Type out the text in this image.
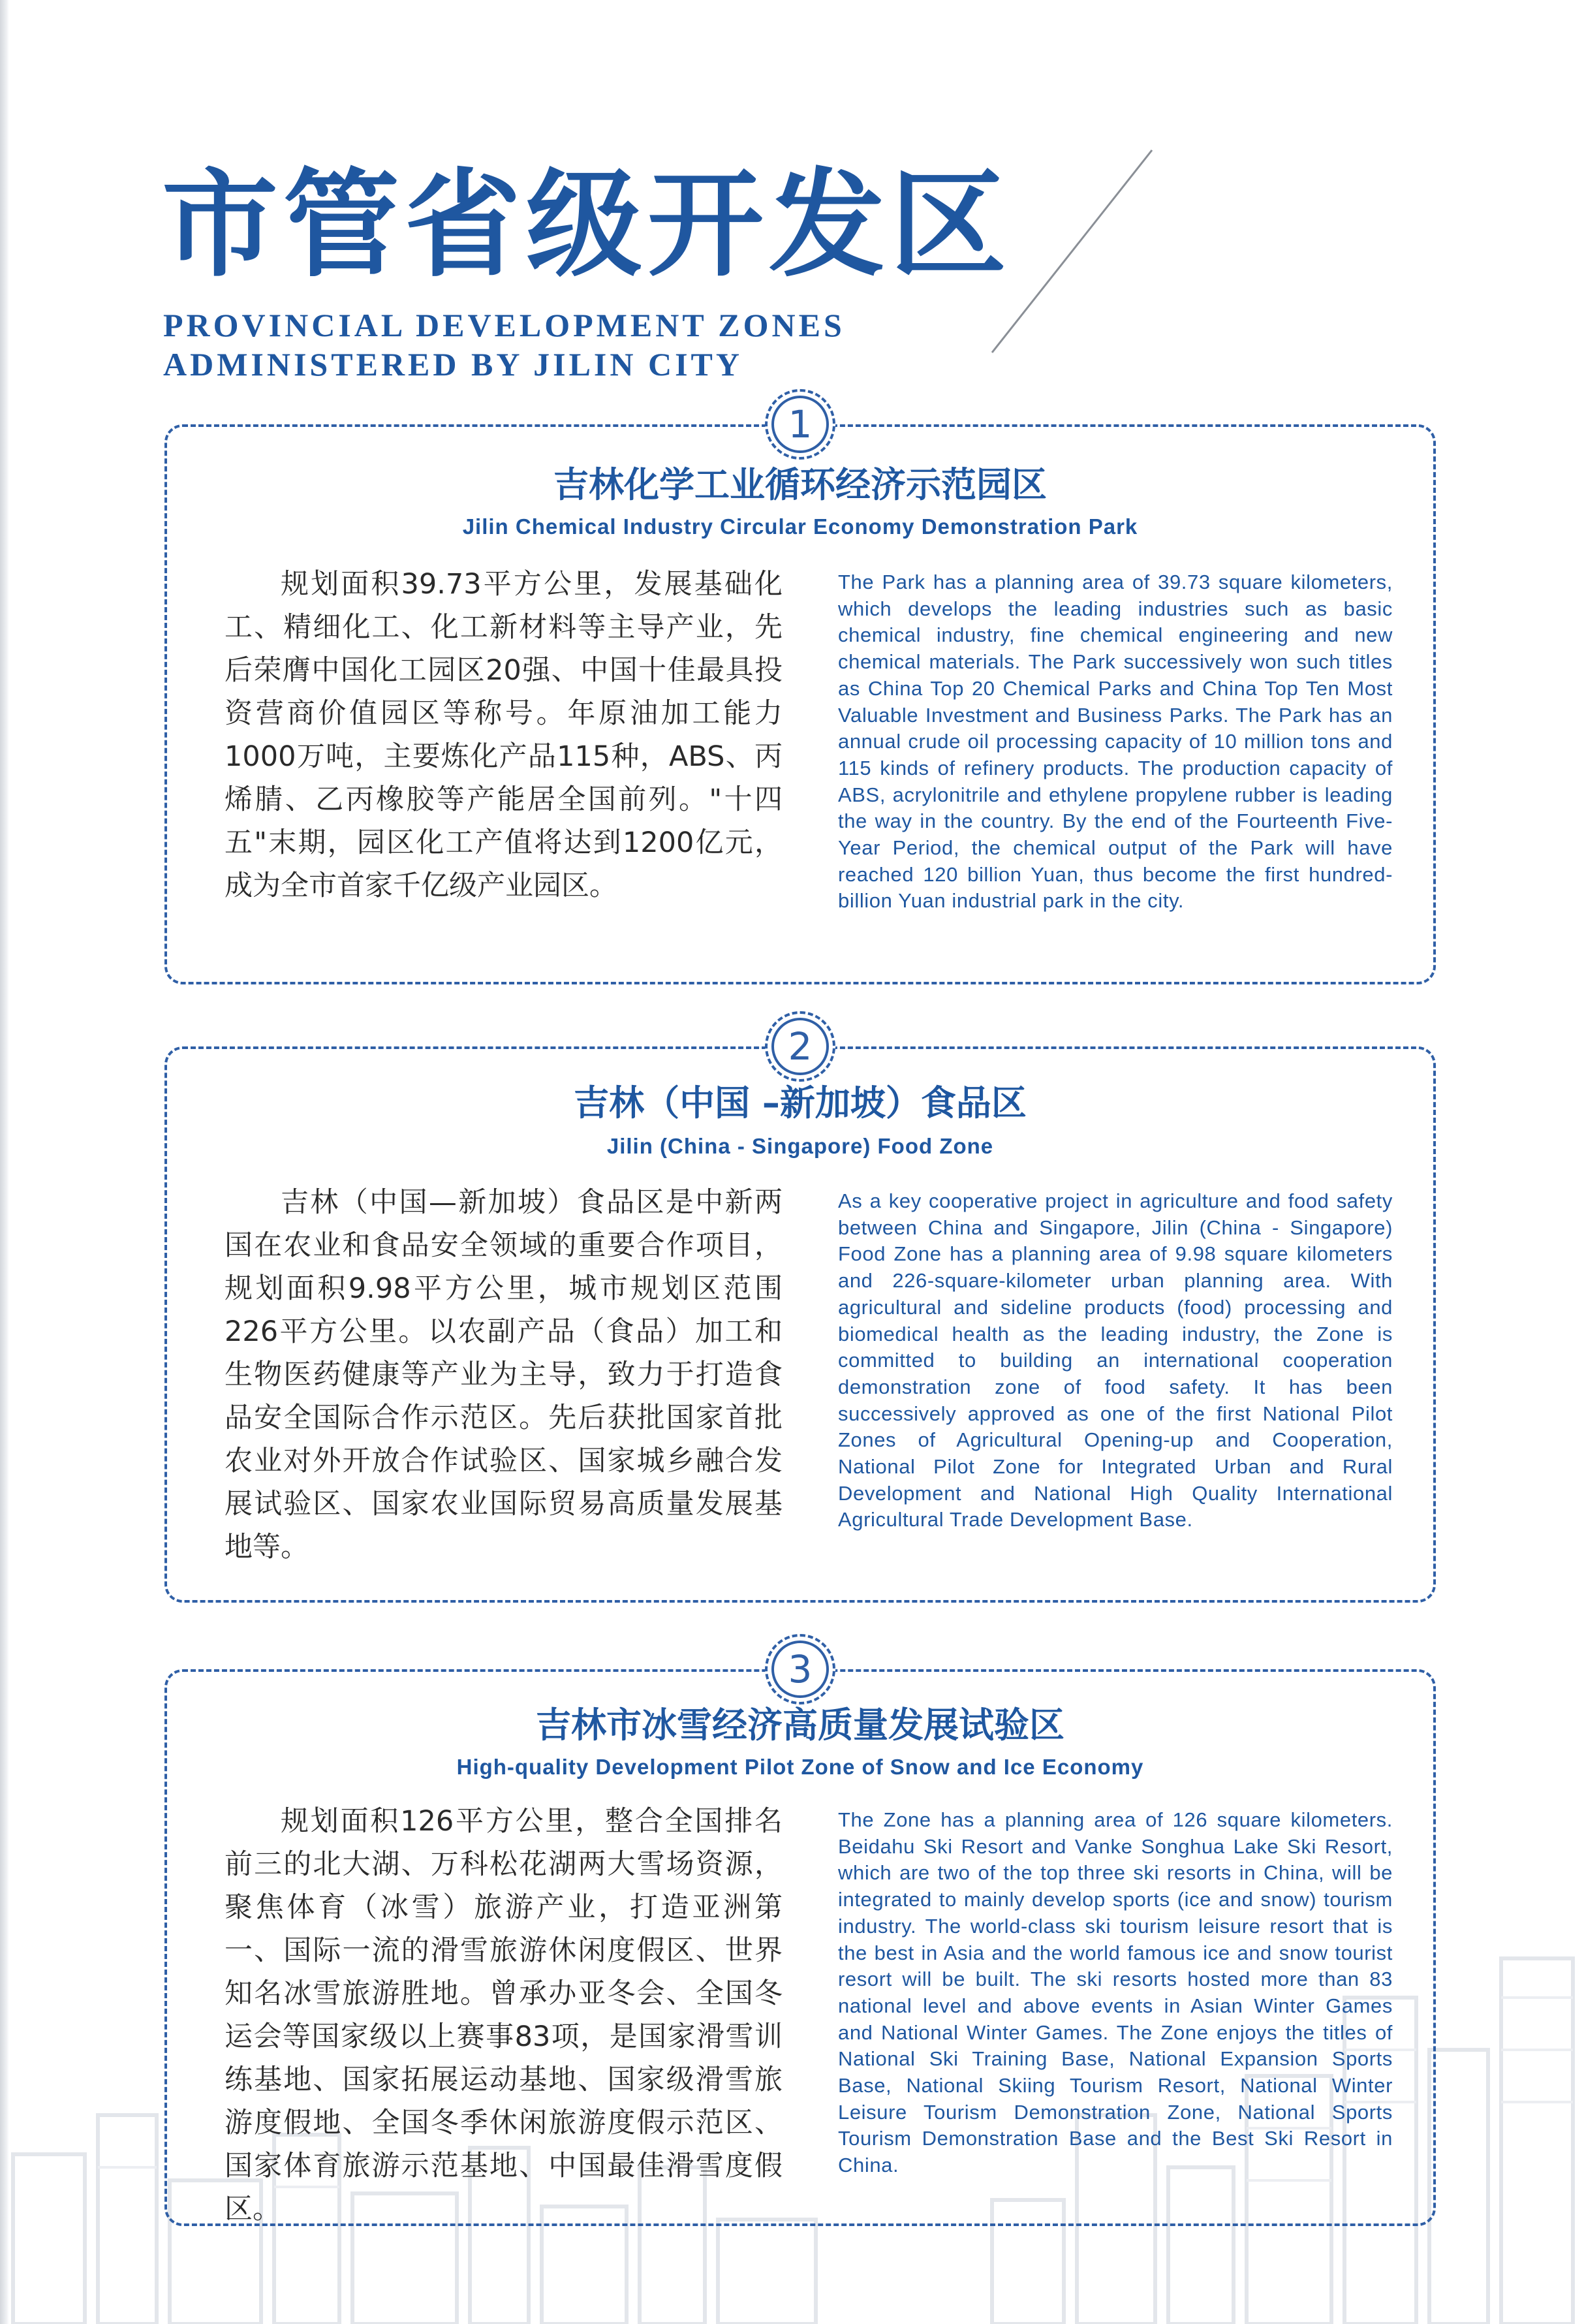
市管省级开发区
PROVINCIAL DEVELOPMENT ZONES
ADMINISTERED BY JILIN CITY
1
吉林化学工业循环经济示范园区
Jilin Chemical Industry Circular Economy Demonstration Park

规划面积39.73平方公里，发展基础化工、精细化工、化工新材料等主导产业，先后荣膺中国化工园区20强、中国十佳最具投资营商价值园区等称号。年原油加工能力1000万吨，主要炼化产品115种，ABS、丙烯腈、乙丙橡胶等产能居全国前列。"十四五"末期，园区化工产值将达到1200亿元，成为全市首家千亿级产业园区。

The Park has a planning area of 39.73 square kilometers, which develops the leading industries such as basic chemical industry, fine chemical engineering and new chemical materials. The Park successively won such titles as China Top 20 Chemical Parks and China Top Ten Most Valuable Investment and Business Parks. The Park has an annual crude oil processing capacity of 10 million tons and 115 kinds of refinery products. The production capacity of ABS, acrylonitrile and ethylene propylene rubber is leading the way in the country. By the end of the Fourteenth Five-Year Period, the chemical output of the Park will have reached 120 billion Yuan, thus become the first hundred-billion Yuan industrial park in the city.

2
吉林（中国 –新加坡）食品区
Jilin (China - Singapore) Food Zone

吉林（中国—新加坡）食品区是中新两国在农业和食品安全领域的重要合作项目，规划面积9.98平方公里，城市规划区范围226平方公里。以农副产品（食品）加工和生物医药健康等产业为主导，致力于打造食品安全国际合作示范区。先后获批国家首批农业对外开放合作试验区、国家城乡融合发展试验区、国家农业国际贸易高质量发展基地等。

As a key cooperative project in agriculture and food safety between China and Singapore, Jilin (China - Singapore) Food Zone has a planning area of 9.98 square kilometers and 226-square-kilometer urban planning area. With agricultural and sideline products (food) processing and biomedical health as the leading industry, the Zone is committed to building an international cooperation demonstration zone of food safety. It has been successively approved as one of the first National Pilot Zones of Agricultural Opening-up and Cooperation, National Pilot Zone for Integrated Urban and Rural Development and National High Quality International Agricultural Trade Development Base.

3
吉林市冰雪经济高质量发展试验区
High-quality Development Pilot Zone of Snow and Ice Economy

规划面积126平方公里，整合全国排名前三的北大湖、万科松花湖两大雪场资源，聚焦体育（冰雪）旅游产业，打造亚洲第一、国际一流的滑雪旅游休闲度假区、世界知名冰雪旅游胜地。曾承办亚冬会、全国冬运会等国家级以上赛事83项，是国家滑雪训练基地、国家拓展运动基地、国家级滑雪旅游度假地、全国冬季休闲旅游度假示范区、国家体育旅游示范基地、中国最佳滑雪度假区。

The Zone has a planning area of 126 square kilometers. Beidahu Ski Resort and Vanke Songhua Lake Ski Resort, which are two of the top three ski resorts in China, will be integrated to mainly develop sports (ice and snow) tourism industry. The world-class ski tourism leisure resort that is the best in Asia and the world famous ice and snow tourist resort will be built. The ski resorts hosted more than 83 national level and above events in Asian Winter Games and National Winter Games. The Zone enjoys the titles of National Ski Training Base, National Expansion Sports Base, National Skiing Tourism Resort, National Winter Leisure Tourism Demonstration Zone, National Sports Tourism Demonstration Base and the Best Ski Resort in China.
